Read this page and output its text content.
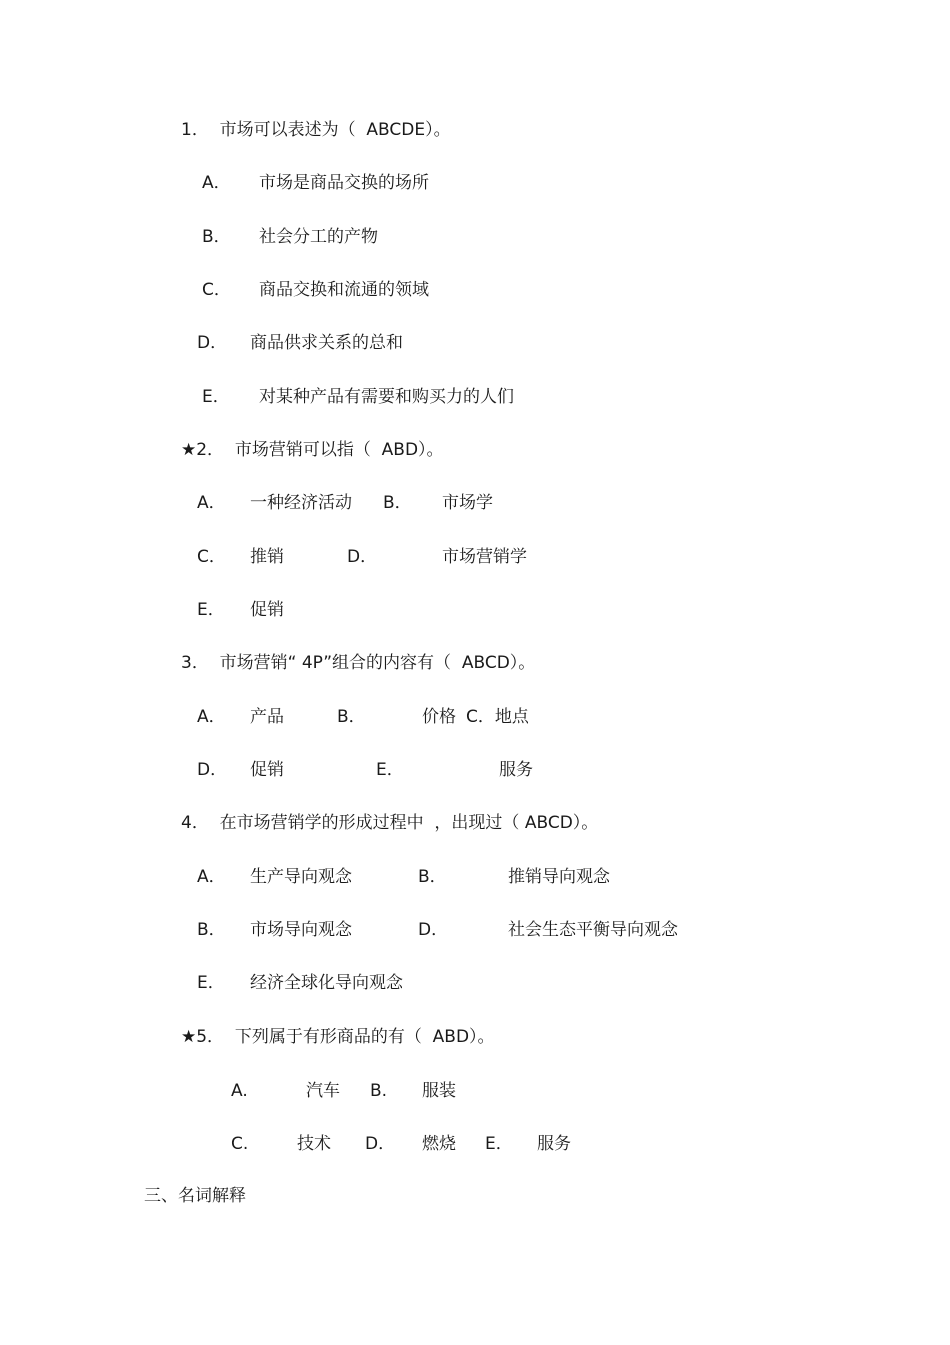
1．  市场可以表述为（  ABCDE）。
A． 市场是商品交换的场所
B． 社会分工的产物
C． 商品交换和流通的领域
D． 商品供求关系的总和
E． 对某种产品有需要和购买力的人们
★2．  市场营销可以指（  ABD）。
A． 一种经济活动 B． 市场学
C． 推销	D．	市场营销学
E． 促销
3．  市场营销“ 4P”组合的内容有（  ABCD）。
A． 产品	B．	价格 C．地点
D． 促销	E．	服务
4．  在市场营销学的形成过程中  ，出现过（ ABCD）。
A． 生产导向观念	B．	推销导向观念
B． 市场导向观念	D．	社会生态平衡导向观念
E． 经济全球化导向观念
★5．  下列属于有形商品的有（  ABD）。
A.	汽车 B. 服装
C.	技术 D． 燃烧 E． 服务
三、名词解释
